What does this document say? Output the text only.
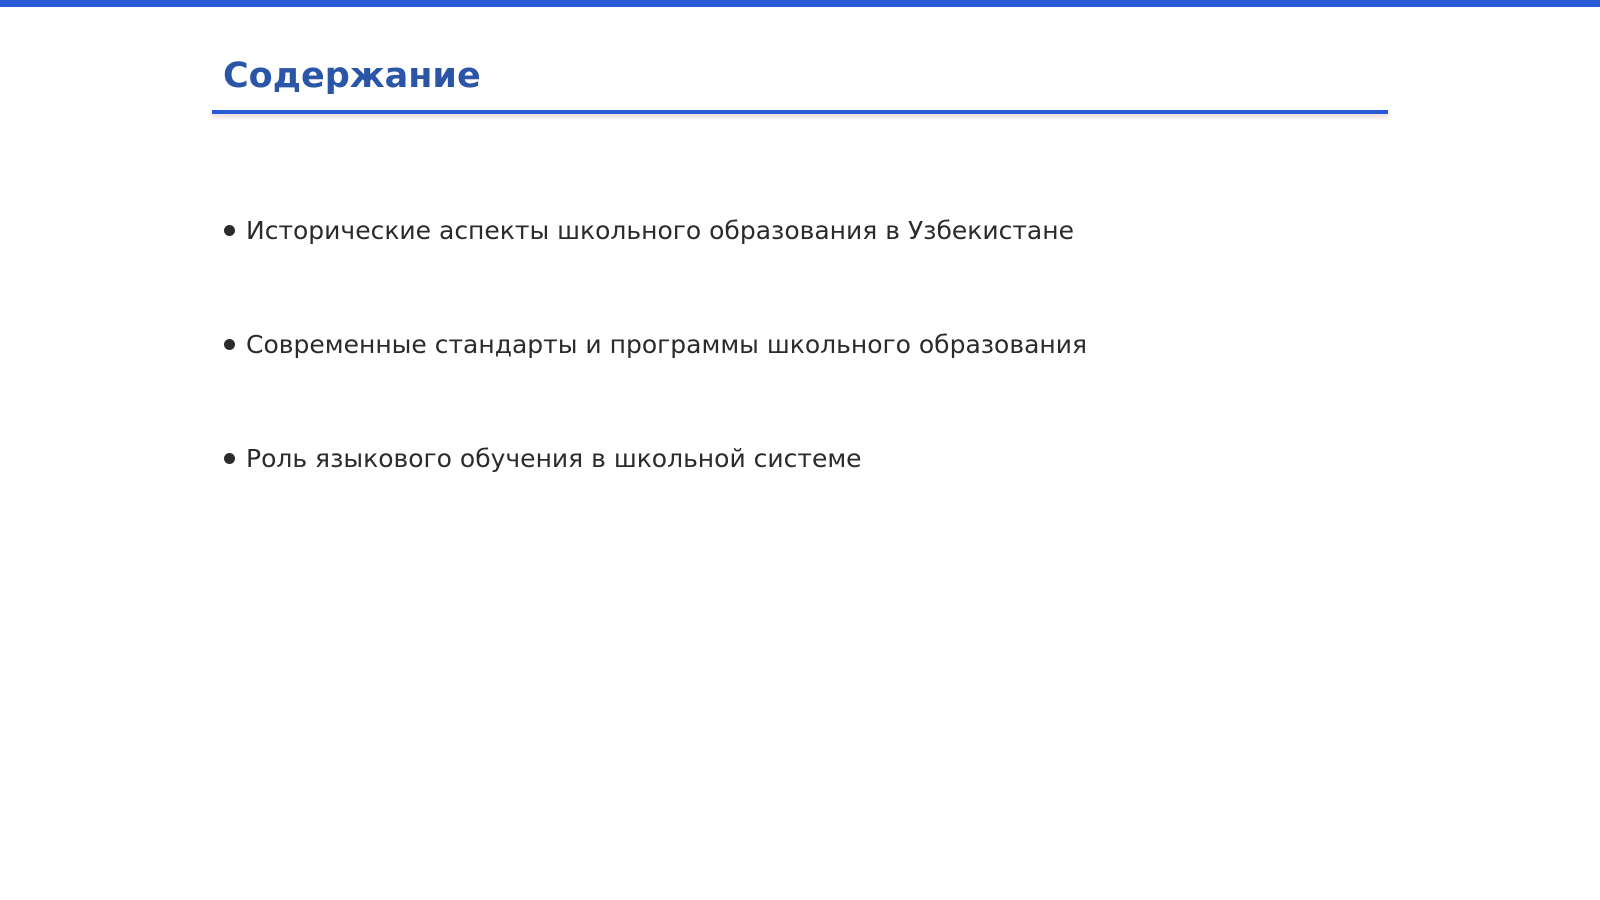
Содержание
Исторические аспекты школьного образования в Узбекистане
Современные стандарты и программы школьного образования
Роль языкового обучения в школьной системе
